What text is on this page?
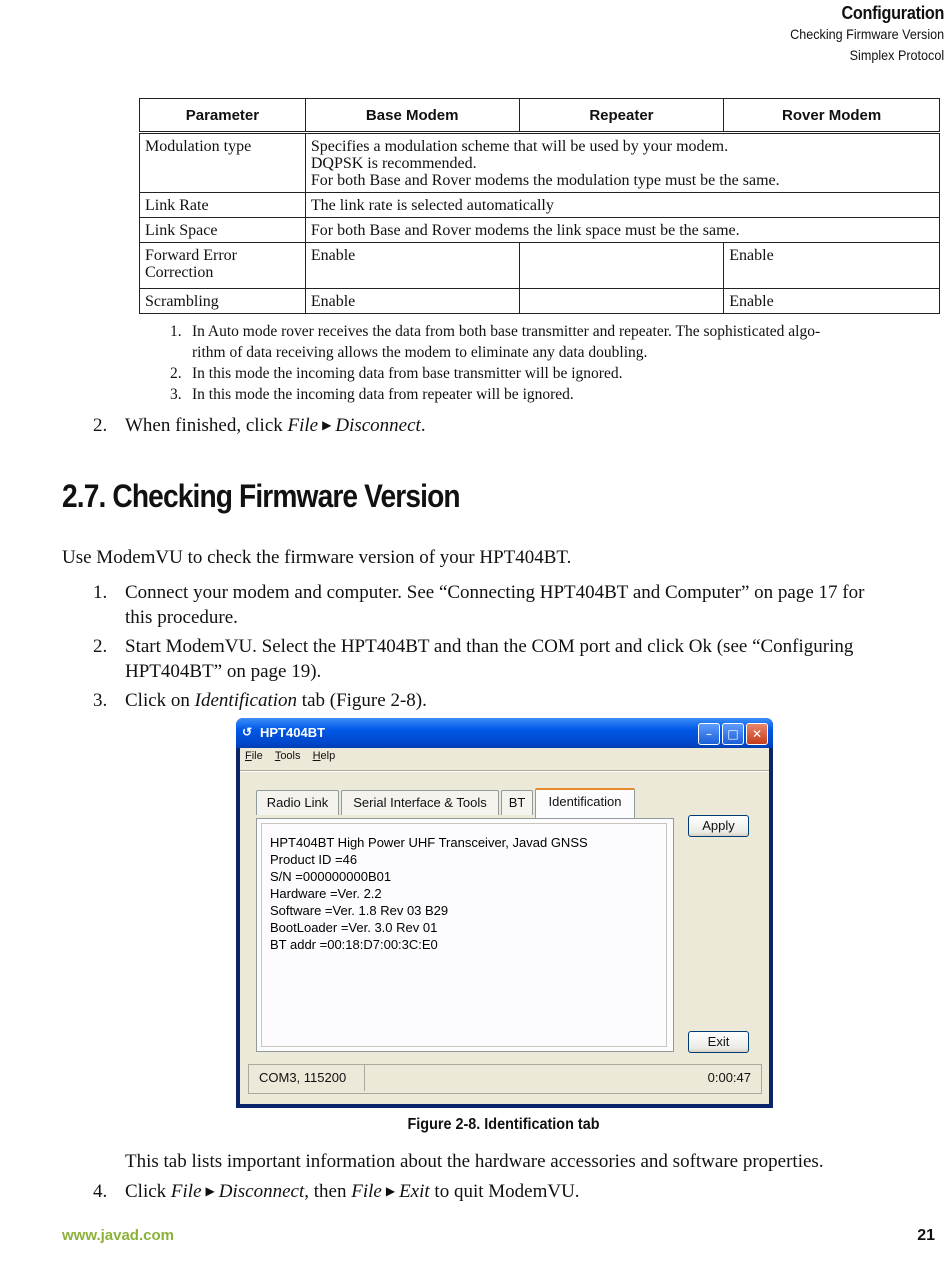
Configuration
Checking Firmware Version
Simplex Protocol
Parameter	Base Modem	Repeater	Rover Modem
Modulation type	Specifies a modulation scheme that will be used by your modem.
DQPSK is recommended.
For both Base and Rover modems the modulation type must be the same.		

Link Rate	The link rate is selected automatically		
Link Space	For both Base and Rover modems the link space must be the same.		

Forward Error
Correction	Enable		Enable
Scrambling	Enable		Enable
1. In Auto mode rover receives the data from both base transmitter and repeater. The sophisticated algo-
rithm of data receiving allows the modem to eliminate any data doubling.
2. In this mode the incoming data from base transmitter will be ignored.
3. In this mode the incoming data from repeater will be ignored.
2. When finished, click File ▶ Disconnect.
2.7. Checking Firmware Version
Use ModemVU to check the firmware version of your HPT404BT.
1. Connect your modem and computer. See “Connecting HPT404BT and Computer” on page 17 for
this procedure.
2. Start ModemVU. Select the HPT404BT and than the COM port and click Ok (see “Configuring
HPT404BT” on page 19).
3. Click on Identification tab (Figure 2-8).
↺ HPT404BT	–	□	✕
File Tools Help
Radio Link	Serial Interface & Tools	BT	Identification
HPT404BT High Power UHF Transceiver, Javad GNSS
Product ID =46
S/N =000000000B01
Hardware =Ver. 2.2
Software =Ver. 1.8 Rev 03 B29
BootLoader =Ver. 3.0 Rev 01
BT addr =00:18:D7:00:3C:E0
Apply
Exit
COM3, 115200	0:00:47
Figure 2-8. Identification tab
This tab lists important information about the hardware accessories and software properties.
4. Click File ▶ Disconnect, then File ▶ Exit to quit ModemVU.
www.javad.com	21
